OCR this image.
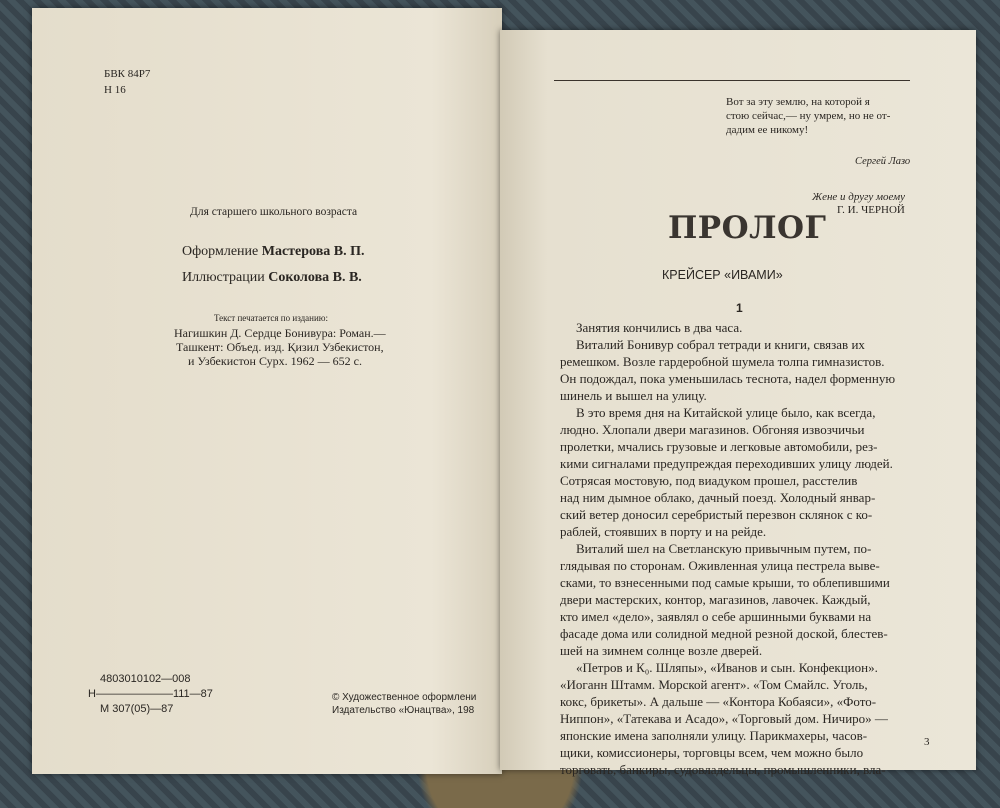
БВК 84Р7
Н 16
Для старшего школьного возраста
Оформление Мастерова В. П.
Иллюстрации Соколова В. В.
Текст печатается по изданию:
Нагишкин Д. Сердце Бонивура: Роман.—
Ташкент: Объед. изд. Қизил Узбекистон,
и Узбекистон Сурх. 1962 — 652 с.
4803010102—008
Н———————111—87
М 307(05)—87
© Художественное оформлени
Издательство «Юнацтва», 198
Вот за эту землю, на которой я
стою сейчас,— ну умрем, но не от-
дадим ее никому!
Сергей Лазо
Жене и другу моему
Г. И. ЧЕРНОЙ
ПРОЛОГ
КРЕЙСЕР «ИВАМИ»
1

Занятия кончились в два часа.

Виталий Бонивур собрал тетради и книги, связав их

ремешком. Возле гардеробной шумела толпа гимназистов.

Он подождал, пока уменьшилась теснота, надел форменную

шинель и вышел на улицу.

В это время дня на Китайской улице было, как всегда,

людно. Хлопали двери магазинов. Обгоняя извозчичьи

пролетки, мчались грузовые и легковые автомобили, рез-

кими сигналами предупреждая переходивших улицу людей.

Сотрясая мостовую, под виадуком прошел, расстелив

над ним дымное облако, дачный поезд. Холодный январ-

ский ветер доносил серебристый перезвон склянок с ко-

раблей, стоявших в порту и на рейде.

Виталий шел на Светланскую привычным путем, по-

глядывая по сторонам. Оживленная улица пестрела выве-

сками, то взнесенными под самые крыши, то облепившими

двери мастерских, контор, магазинов, лавочек. Каждый,

кто имел «дело», заявлял о себе аршинными буквами на

фасаде дома или солидной медной резной доской, блестев-

шей на зимнем солнце возле дверей.

«Петров и К₀. Шляпы», «Иванов и сын. Конфекцион».

«Иоганн Штамм. Морской агент». «Том Смайлс. Уголь,

кокс, брикеты». А дальше — «Контора Кобаяси», «Фото-

Ниппон», «Татекава и Асадо», «Торговый дом. Ничиро» —

японские имена заполняли улицу. Парикмахеры, часов-

щики, комиссионеры, торговцы всем, чем можно было

торговать, банкиры, судовладельцы, промышленники, вла-

3
